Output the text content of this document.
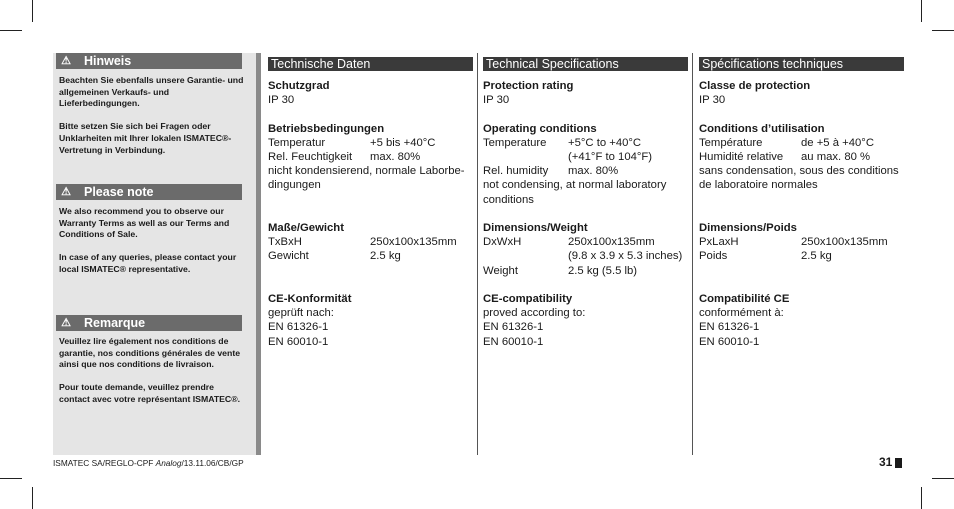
⚠ Hinweis

Beachten Sie ebenfalls unsere Garantie- und allgemeinen Verkaufs- und Lieferbedingungen.

Bitte setzen Sie sich bei Fragen oder Unklarheiten mit Ihrer lokalen ISMATEC®-Vertretung in Verbindung.

⚠ Please note

We also recommend you to observe our Warranty Terms as well as our Terms and Conditions of Sale.

In case of any queries, please contact your local ISMATEC® representative.

⚠ Remarque

Veuillez lire également nos conditions de garantie, nos conditions générales de vente ainsi que nos conditions de livraison.

Pour toute demande, veuillez prendre contact avec votre représentant ISMATEC®.

Technische Daten
Schutzgrad
IP 30
Betriebsbedingungen
Temperatur	+5 bis +40°C
Rel. Feuchtigkeit	max. 80%
nicht kondensierend, normale Laborbe-
dingungen
Maße/Gewicht
TxBxH	250x100x135mm
Gewicht	2.5 kg
CE-Konformität
geprüft nach:
EN 61326-1
EN 60010-1
Technical Specifications
Protection rating
IP 30
Operating conditions
Temperature	+5°C to +40°C
(+41°F to 104°F)
Rel. humidity	max. 80%
not condensing, at normal laboratory
conditions
Dimensions/Weight
DxWxH	250x100x135mm
(9.8 x 3.9 x 5.3 inches)
Weight	2.5 kg (5.5 lb)
CE-compatibility
proved according to:
EN 61326-1
EN 60010-1
Spécifications techniques
Classe de protection
IP 30
Conditions d’utilisation
Température	de +5 à +40°C
Humidité relative	au max. 80 %
sans condensation, sous des conditions
de laboratoire normales
Dimensions/Poids
PxLaxH	250x100x135mm
Poids	2.5 kg
Compatibilité CE
conformément à:
EN 61326-1
EN 60010-1
ISMATEC SA/REGLO-CPF Analog/13.11.06/CB/GP	31
